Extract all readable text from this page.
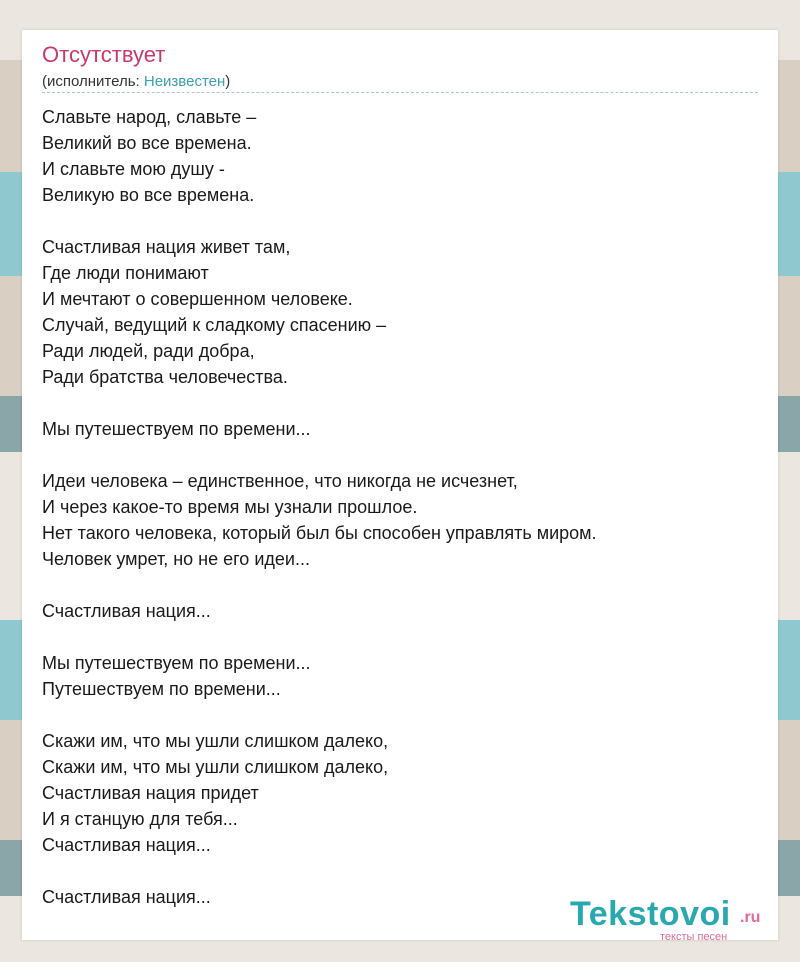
Отсутствует
(исполнитель: Неизвестен)
Славьте народ, славьте –
Великий во все времена.
И славьте мою душу -
Великую во все времена.
Счастливая нация живет там,
Где люди понимают
И мечтают о совершенном человеке.
Случай, ведущий к сладкому спасению –
Ради людей, ради добра,
Ради братства человечества.
Мы путешествуем по времени...
Идеи человека – единственное, что никогда не исчезнет,
И через какое-то время мы узнали прошлое.
Нет такого человека, который был бы способен управлять миром.
Человек умрет, но не его идеи...
Счастливая нация...
Мы путешествуем по времени...
Путешествуем по времени...
Скажи им, что мы ушли слишком далеко,
Скажи им, что мы ушли слишком далеко,
Счастливая нация придет
И я станцую для тебя...
Счастливая нация...
Счастливая нация...	Tekstovoi .ru
тексты песен
